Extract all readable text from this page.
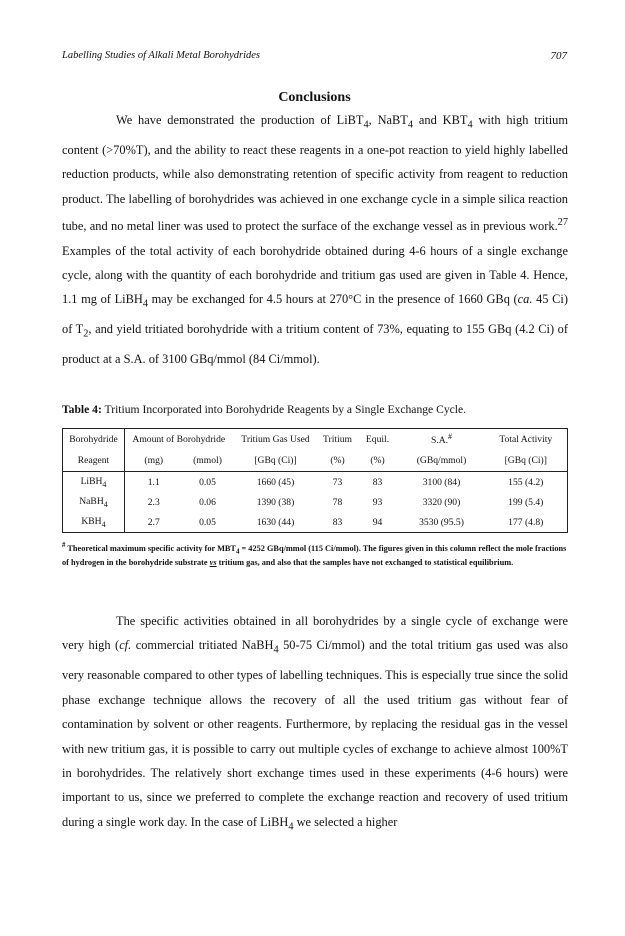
Labelling Studies of Alkali Metal Borohydrides	707
Conclusions

We have demonstrated the production of LiBT$_4$, NaBT$_4$ and $KBT_4$ with high tritium content (>70%T), and the ability to react these reagents in a one-pot reaction to yield highly labelled reduction products, while also demonstrating retention of specific activity from reagent to reduction product. The labelling of borohydrides was achieved in one exchange cycle in a simple silica reaction tube, and no metal liner was used to protect the surface of the exchange vessel as in previous work.$^{27}$ Examples of the total activity of each borohydride obtained during 4-6 hours of a single exchange cycle, along with the quantity of each borohydride and tritium gas used are given in Table 4. Hence, 1.1 mg of LiBH$_4$ may be exchanged for 4.5 hours at 270°C in the presence of 1660 GBq (ca. 45 Ci) of $T_2$, and yield tritiated borohydride with a tritium content of 73%, equating to 155 GBq (4.2 Ci) of product at a S.A. of 3100 GBq/mmol (84 Ci/mmol).

Table 4: Tritium Incorporated into Borohydride Reagents by a Single Exchange Cycle.
Borohydride	Amount of Borohydride		Tritium Gas Used	Tritium	Equil.	S.A.#	Total Activity
Reagent	(mg)	(mmol)	[GBq (Ci)]	(%)	(%)	(GBq/mmol)	[GBq (Ci)]
LiBH$_4$	1.1	0.05	1660 (45)	73	83	3100 (84)	155 (4.2)
NaBH$_4$	2.3	0.06	1390 (38)	78	93	3320 (90)	199 (5.4)
$KBH_4$	2.7	0.05	1630 (44)	83	94	3530 (95.5)	177 (4.8)
# Theoretical maximum specific activity for $MBT_4 = 4252$ GBq/mmol (115 Ci/mmol). The figures given in this column reflect the mole fractions of hydrogen in the borohydride substrate vs tritium gas, and also that the samples have not exchanged to statistical equilibrium.

The specific activities obtained in all borohydrides by a single cycle of exchange were very high (cf. commercial tritiated NaBH$_4$ 50-75 Ci/mmol) and the total tritium gas used was also very reasonable compared to other types of labelling techniques. This is especially true since the solid phase exchange technique allows the recovery of all the used tritium gas without fear of contamination by solvent or other reagents. Furthermore, by replacing the residual gas in the vessel with new tritium gas, it is possible to carry out multiple cycles of exchange to achieve almost 100%T in borohydrides. The relatively short exchange times used in these experiments (4-6 hours) were important to us, since we preferred to complete the exchange reaction and recovery of used tritium during a single work day. In the case of LiBH$_4$ we selected a higher
